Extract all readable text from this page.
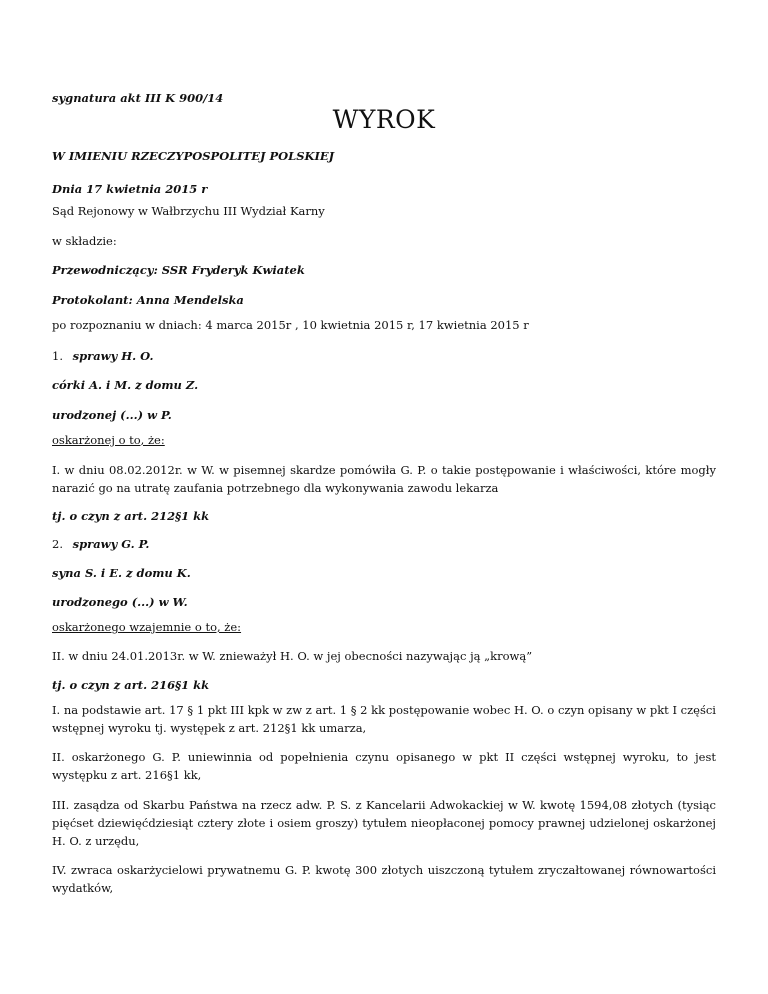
sygnatura akt III K 900/14

WYROK

W IMIENIU RZECZYPOSPOLITEJ POLSKIEJ

Dnia 17 kwietnia 2015 r

Sąd Rejonowy w Wałbrzychu III Wydział Karny

w składzie:

Przewodniczący: SSR Fryderyk Kwiatek

Protokolant: Anna Mendelska

po rozpoznaniu w dniach: 4 marca 2015r , 10 kwietnia 2015 r, 17 kwietnia 2015 r

1. sprawy H. O.

córki A. i M. z domu Z.

urodzonej (...) w P.

oskarżonej o to, że:

I. w dniu 08.02.2012r. w W. w pisemnej skardze pomówiła G. P. o takie postępowanie i właściwości, które mogły narazić go na utratę zaufania potrzebnego dla wykonywania zawodu lekarza

tj. o czyn z art. 212§1 kk

2. sprawy G. P.

syna S. i E. z domu K.

urodzonego (...) w W.

oskarżonego wzajemnie o to, że:

II. w dniu 24.01.2013r. w W. znieważył H. O. w jej obecności nazywając ją „krową”

tj. o czyn z art. 216§1 kk

I. na podstawie art. 17 § 1 pkt III kpk w zw z art. 1 § 2 kk postępowanie wobec H. O. o czyn opisany w pkt I części wstępnej wyroku tj. występek z art. 212§1 kk umarza,

II. oskarżonego G. P. uniewinnia od popełnienia czynu opisanego w pkt II części wstępnej wyroku, to jest występku z art. 216§1 kk,

III. zasądza od Skarbu Państwa na rzecz adw. P. S. z Kancelarii Adwokackiej w W. kwotę 1594,08 złotych (tysiąc pięćset dziewięćdziesiąt cztery złote i osiem groszy) tytułem nieopłaconej pomocy prawnej udzielonej oskarżonej H. O. z urzędu,

IV. zwraca oskarżycielowi prywatnemu G. P. kwotę 300 złotych uiszczoną tytułem zryczałtowanej równowartości wydatków,
